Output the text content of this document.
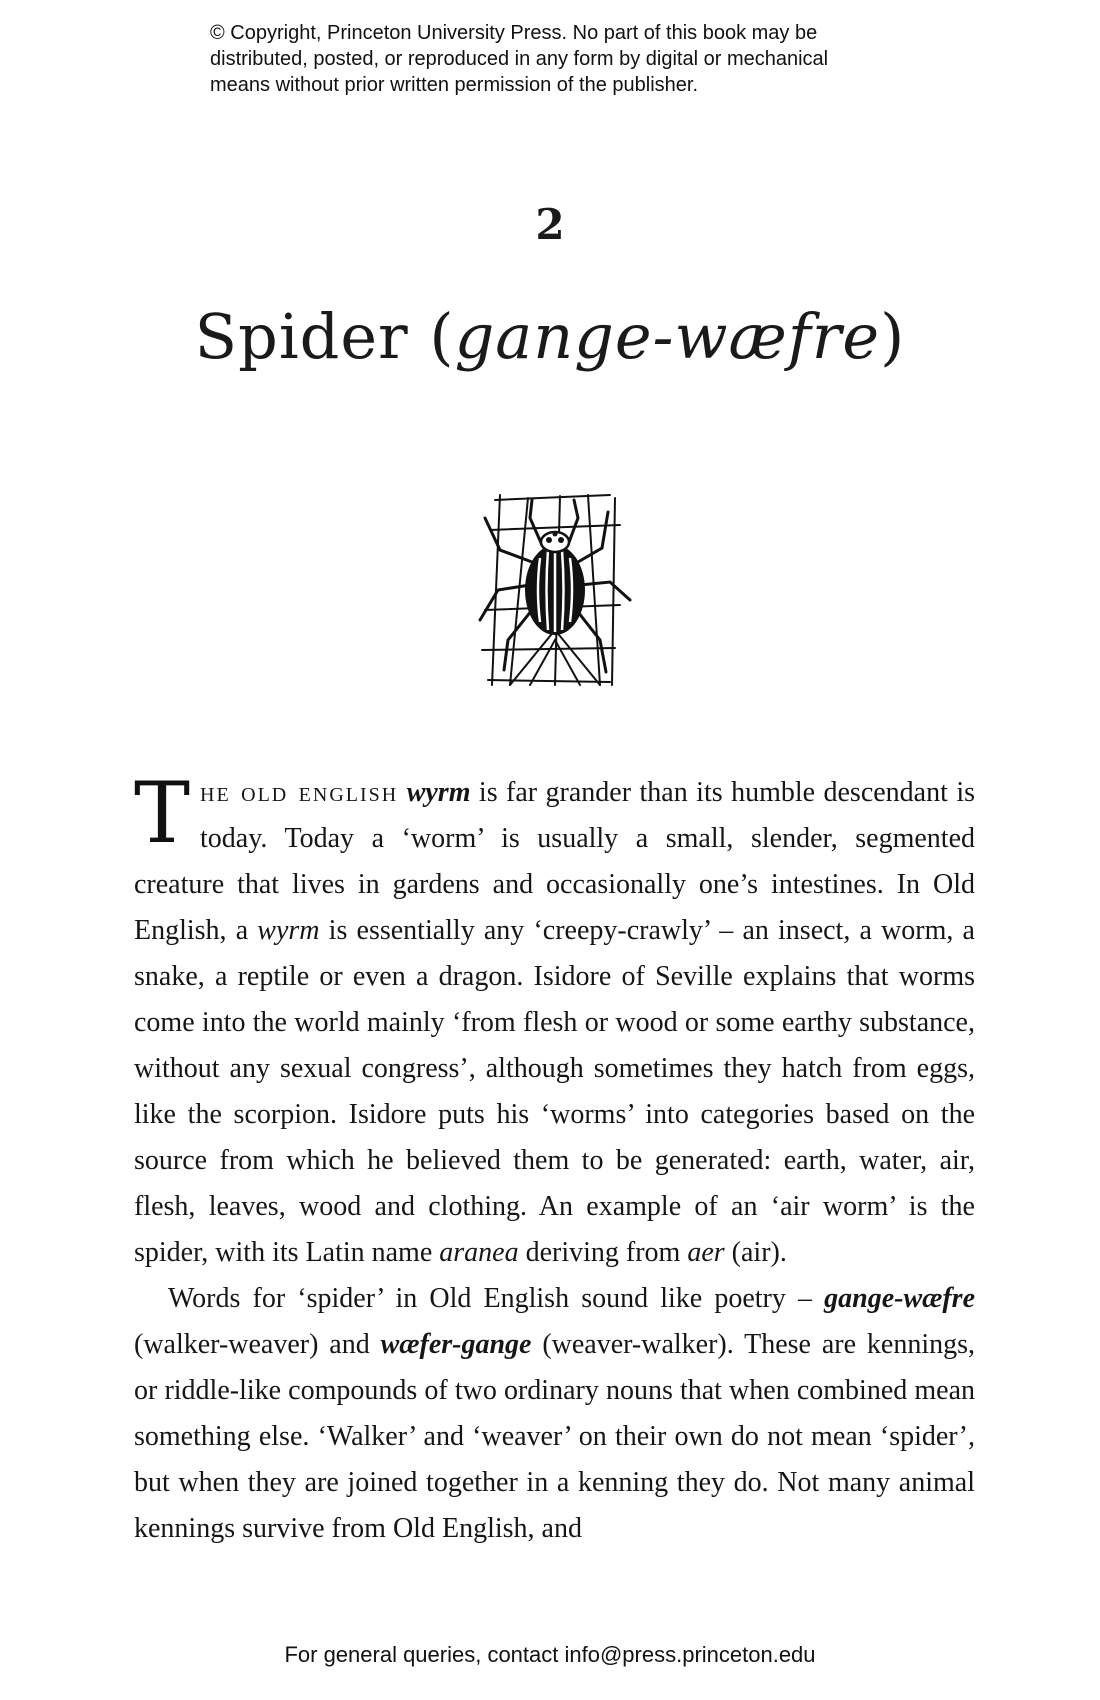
© Copyright, Princeton University Press. No part of this book may be

distributed, posted, or reproduced in any form by digital or mechanical

means without prior written permission of the publisher.

2
Spider (gange-wæfre)

The old english wyrm is far grander than its humble descendant is today. Today a ‘worm’ is usually a small, slender, segmented creature that lives in gardens and occasionally one’s intestines. In Old English, a wyrm is essentially any ‘creepy-crawly’ – an insect, a worm, a snake, a reptile or even a dragon. Isidore of Seville explains that worms come into the world mainly ‘from flesh or wood or some earthy substance, without any sexual congress’, although sometimes they hatch from eggs, like the scorpion. Isidore puts his ‘worms’ into categories based on the source from which he believed them to be generated: earth, water, air, flesh, leaves, wood and clothing. An example of an ‘air worm’ is the spider, with its Latin name aranea deriving from aer (air).

Words for ‘spider’ in Old English sound like poetry – gange-wæfre (walker-weaver) and wæfer-gange (weaver-walker). These are kennings, or riddle-like compounds of two ordinary nouns that when combined mean something else. ‘Walker’ and ‘weaver’ on their own do not mean ‘spider’, but when they are joined together in a kenning they do. Not many animal kennings survive from Old English, and

For general queries, contact info@press.princeton.edu
